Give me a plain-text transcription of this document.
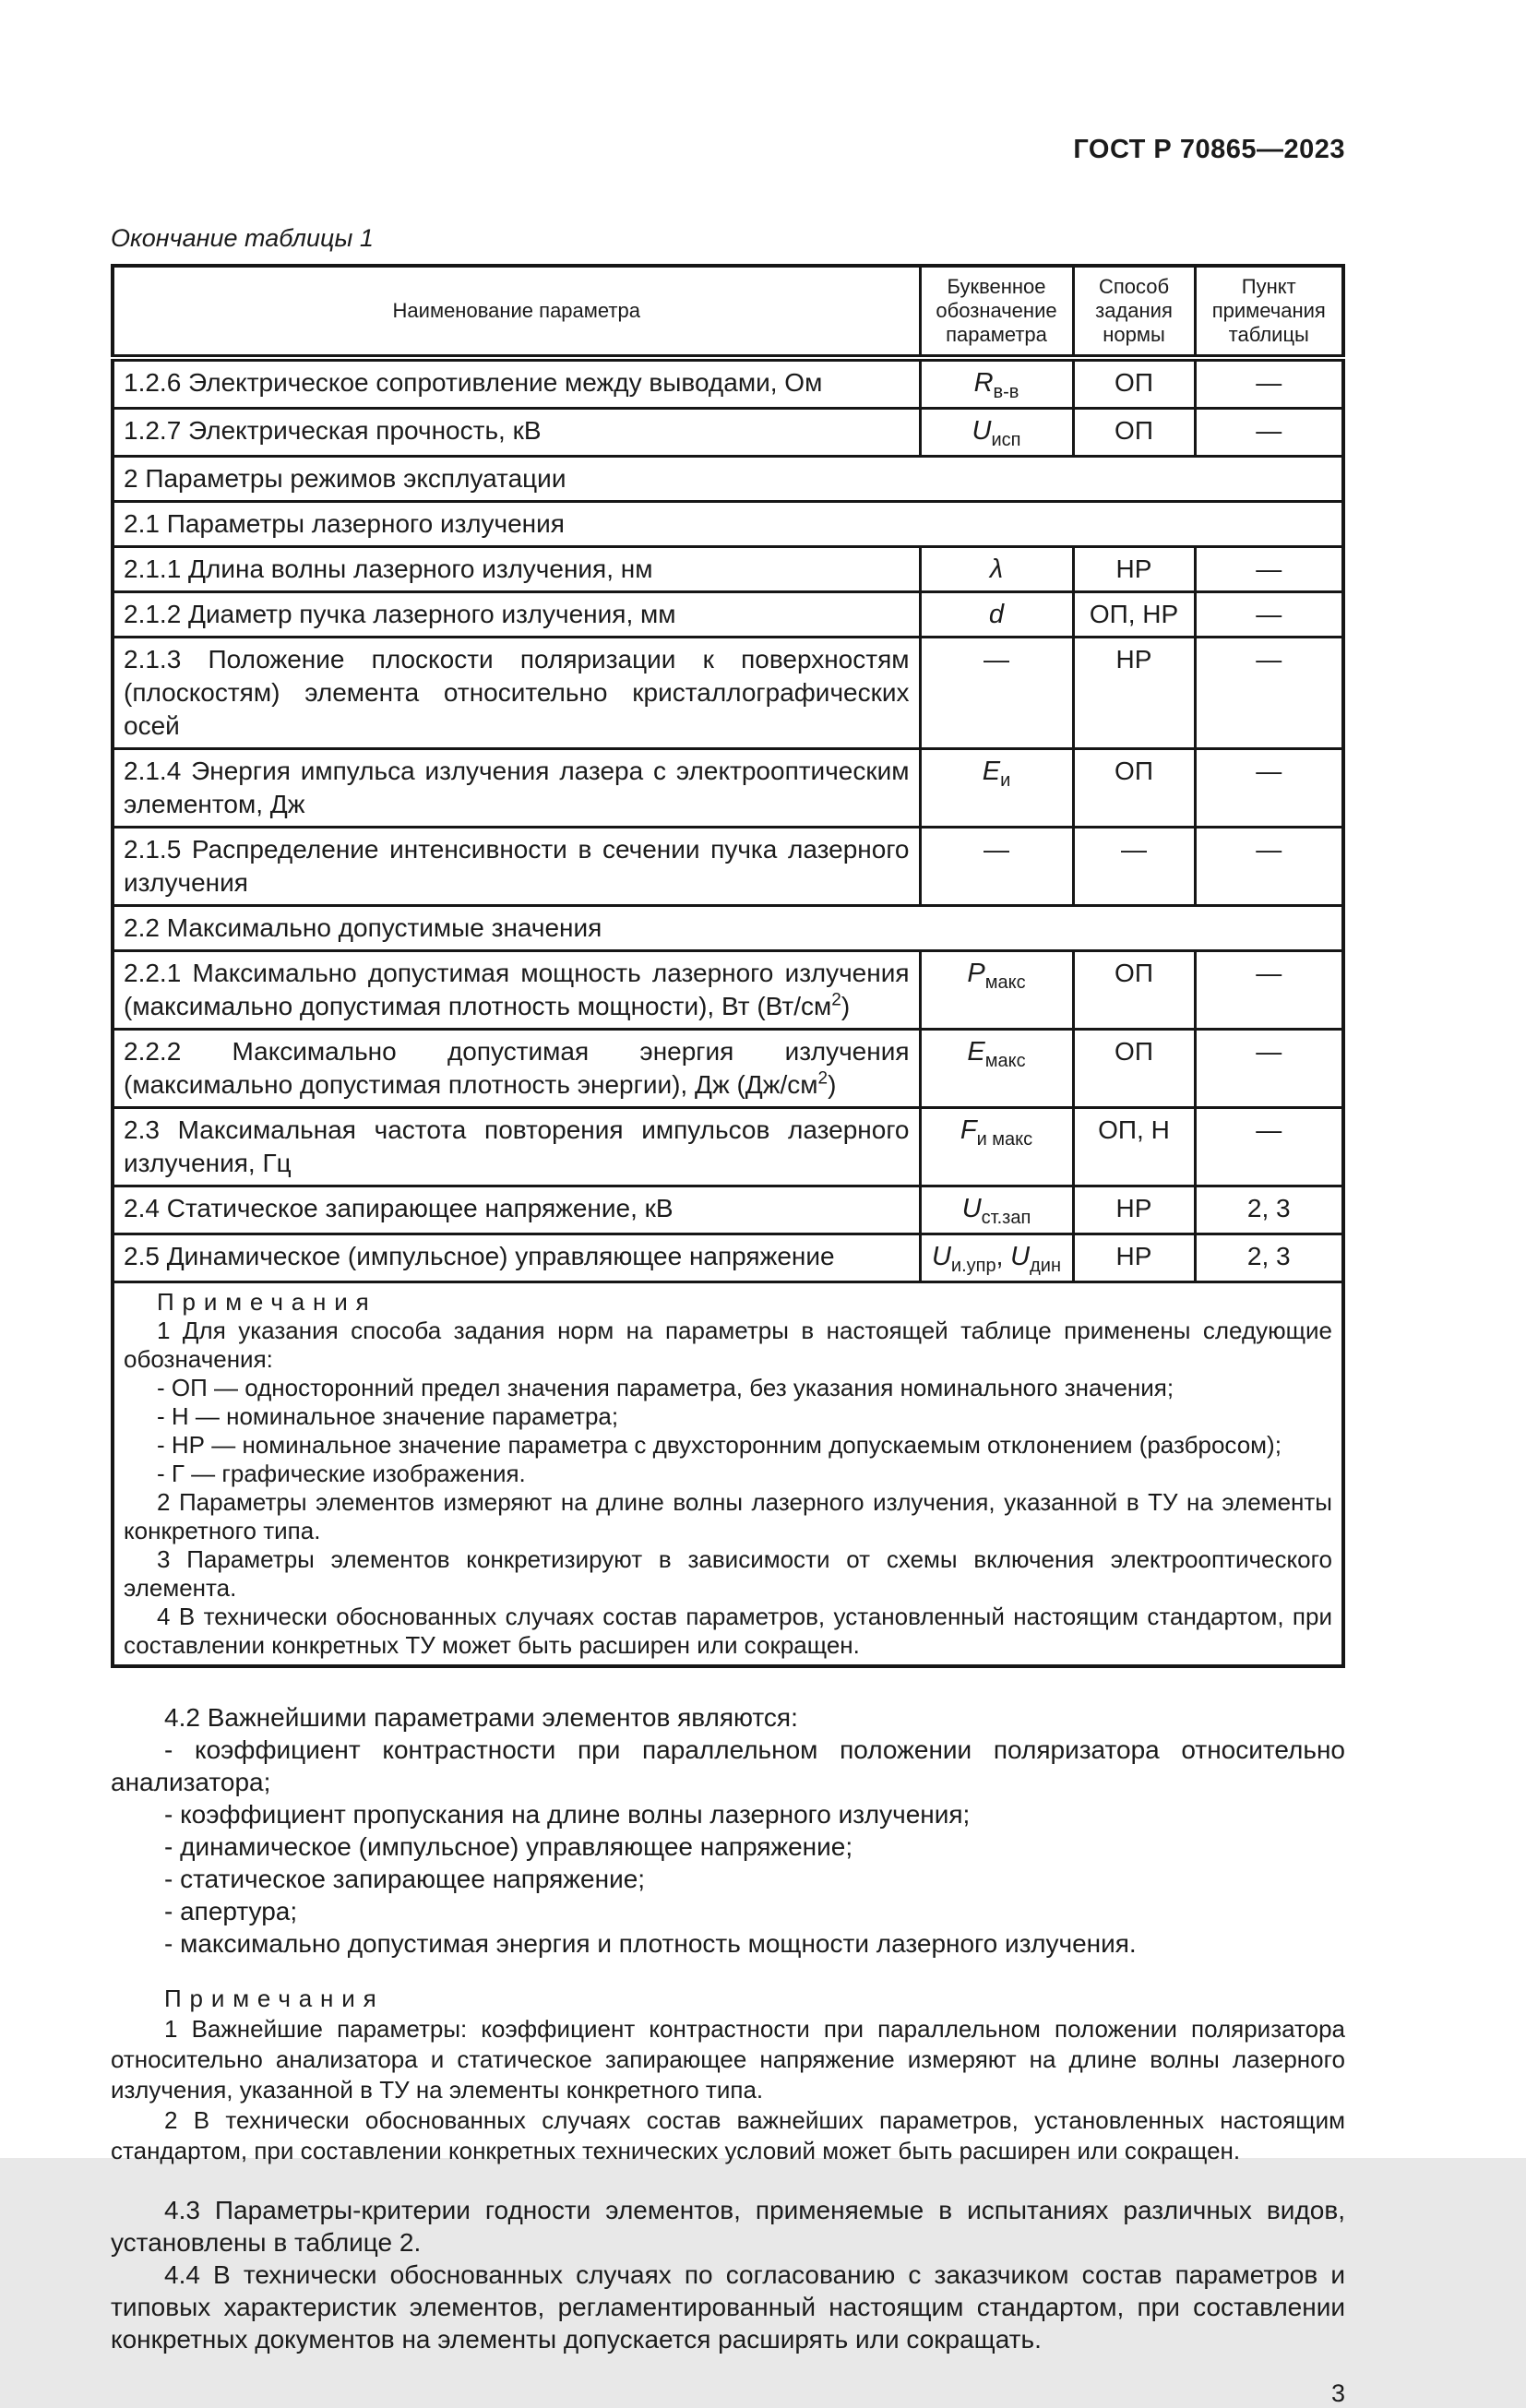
ГОСТ Р 70865—2023
Окончание таблицы 1
Наименование параметра	Буквенное обозначение параметра	Способ задания нормы	Пункт примечания таблицы
1.2.6 Электрическое сопротивление между выводами, Ом	$R_{в-в}$	ОП	—
1.2.7 Электрическая прочность, кВ	$U_{исп}$	ОП	—
2 Параметры режимов эксплуатации			
2.1 Параметры лазерного излучения			
2.1.1 Длина волны лазерного излучения, нм	λ	НР	—
2.1.2 Диаметр пучка лазерного излучения, мм	d	ОП, НР	—
2.1.3 Положение плоскости поляризации к поверхностям (плоскостям) элемента относительно кристаллографических осей	—	НР	—
2.1.4 Энергия импульса излучения лазера с электрооптическим элементом, Дж	$E_и$	ОП	—
2.1.5 Распределение интенсивности в сечении пучка лазерного излучения	—	—	—
2.2 Максимально допустимые значения			
2.2.1 Максимально допустимая мощность лазерного излучения (максимально допустимая плотность мощности), Вт $(Вт/см^2)$	$P_{макс}$	ОП	—
2.2.2 Максимально допустимая энергия излучения (максимально допустимая плотность энергии), Дж $(Дж/см^2)$	$E_{макс}$	ОП	—
2.3 Максимальная частота повторения импульсов лазерного излучения, Гц	$F_{и макс}$	ОП, Н	—
2.4 Статическое запирающее напряжение, кВ	$U_{ст.зап}$	НР	2, 3
2.5 Динамическое (импульсное) управляющее напряжение	$U_{и.упр}$, $U_{дин}$	НР	2, 3

Примечания

1 Для указания способа задания норм на параметры в настоящей таблице применены следующие обозначения:

- ОП — односторонний предел значения параметра, без указания номинального значения;

- Н — номинальное значение параметра;

- НР — номинальное значение параметра с двухсторонним допускаемым отклонением (разбросом);

- Г — графические изображения.

2 Параметры элементов измеряют на длине волны лазерного излучения, указанной в ТУ на элементы конкретного типа.

3 Параметры элементов конкретизируют в зависимости от схемы включения электрооптического элемента.

4 В технически обоснованных случаях состав параметров, установленный настоящим стандартом, при составлении конкретных ТУ может быть расширен или сокращен.

4.2 Важнейшими параметрами элементов являются:

- коэффициент контрастности при параллельном положении поляризатора относительно анализатора;

- коэффициент пропускания на длине волны лазерного излучения;

- динамическое (импульсное) управляющее напряжение;

- статическое запирающее напряжение;

- апертура;

- максимально допустимая энергия и плотность мощности лазерного излучения.

Примечания

1 Важнейшие параметры: коэффициент контрастности при параллельном положении поляризатора относительно анализатора и статическое запирающее напряжение измеряют на длине волны лазерного излучения, указанной в ТУ на элементы конкретного типа.

2 В технически обоснованных случаях состав важнейших параметров, установленных настоящим стандартом, при составлении конкретных технических условий может быть расширен или сокращен.

4.3 Параметры-критерии годности элементов, применяемые в испытаниях различных видов, установлены в таблице 2.

4.4 В технически обоснованных случаях по согласованию с заказчиком состав параметров и типовых характеристик элементов, регламентированный настоящим стандартом, при составлении конкретных документов на элементы допускается расширять или сокращать.

3
